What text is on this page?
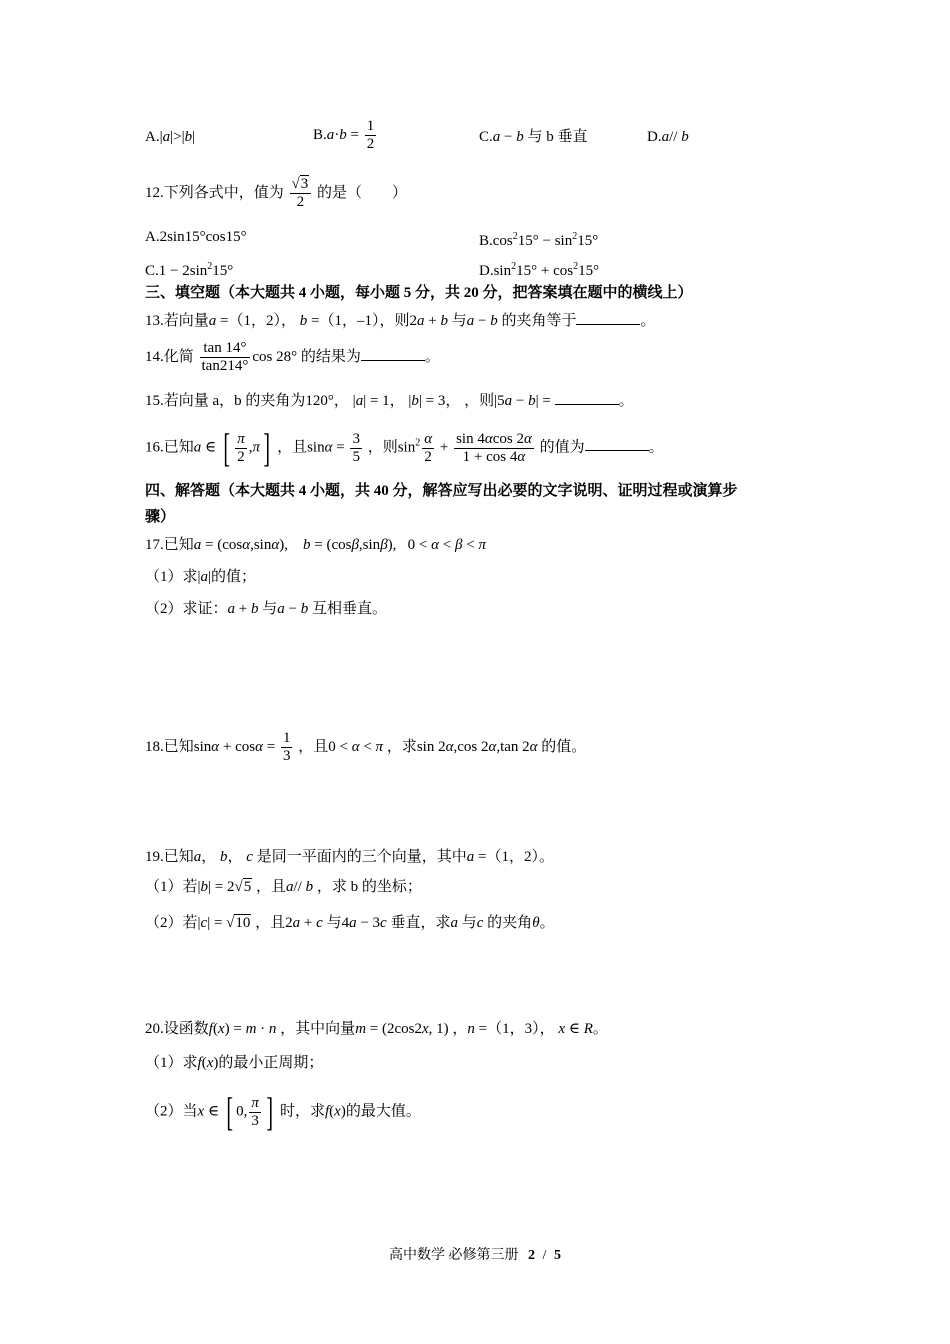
A.|a|>|b|	$B.a\cdot b = \frac{1}{2}$	C.a − b 与 b 垂直	D.a// b
12.下列各式中，值为 $\frac{√3}{2}$ 的是（　　）
A.2sin15°cos15°	$B.\cos^215^\circ - \sin^215^\circ$
$C.1 - 2\sin^215^\circ$	$D.\sin^215^\circ + \cos^215^\circ$
三、填空题（本大题共 4 小题，每小题 5 分，共 20 分，把答案填在题中的横线上）
13.若向量a =（1，2）， b =（1，–1），则2a + b 与a − b 的夹角等于	。
14.化简 $\frac{\tan 14^\circ}{\tan 214^\circ}$ cos 28° 的结果为	。
15.若向量 a，b 的夹角为120°， |a| = 1， |b| = 3， ，则|5a − b| =	。
16.已知a ∈ [ $\frac{\pi}{2} ,\pi$] ，且$\sin\alpha = \frac{3}{5}$ ，则$\sin^2 \frac{\alpha}{2} + \frac{\sin 4\alpha\cos 2\alpha}{1 + \cos 4\alpha}$ 的值为	。
四、解答题（本大题共 4 小题，共 40 分，解答应写出必要的文字说明、证明过程或演算步
骤）
17.已知a = (cosα,sinα),    b = (cosβ,sinβ),   0 < α < β < π
（1）求|a|的值；
（2）求证：a + b 与a − b 互相垂直。
18.已知$\sin\alpha + \cos\alpha = \frac{1}{3}$ ，且0 < α < π ，求sin 2α,cos 2α,tan 2α 的值。
19.已知a， b， c 是同一平面内的三个向量，其中a =（1，2）。
（1）若|b| = 2√5 ，且a// b ，求 b 的坐标；
（2）若|c| = √10 ，且2a + c 与4a − 3c 垂直，求a 与c 的夹角θ。
20.设函数f(x) = m · n ，其中向量m = (2cos2x, 1) ，n =（1，3）， x ∈ R。
（1）求f(x)的最小正周期；
（2）当x ∈ [ 0, $\frac{\pi}{3}$ ] 时，求f(x)的最大值。
高中数学 必修第三册 2 / 5
